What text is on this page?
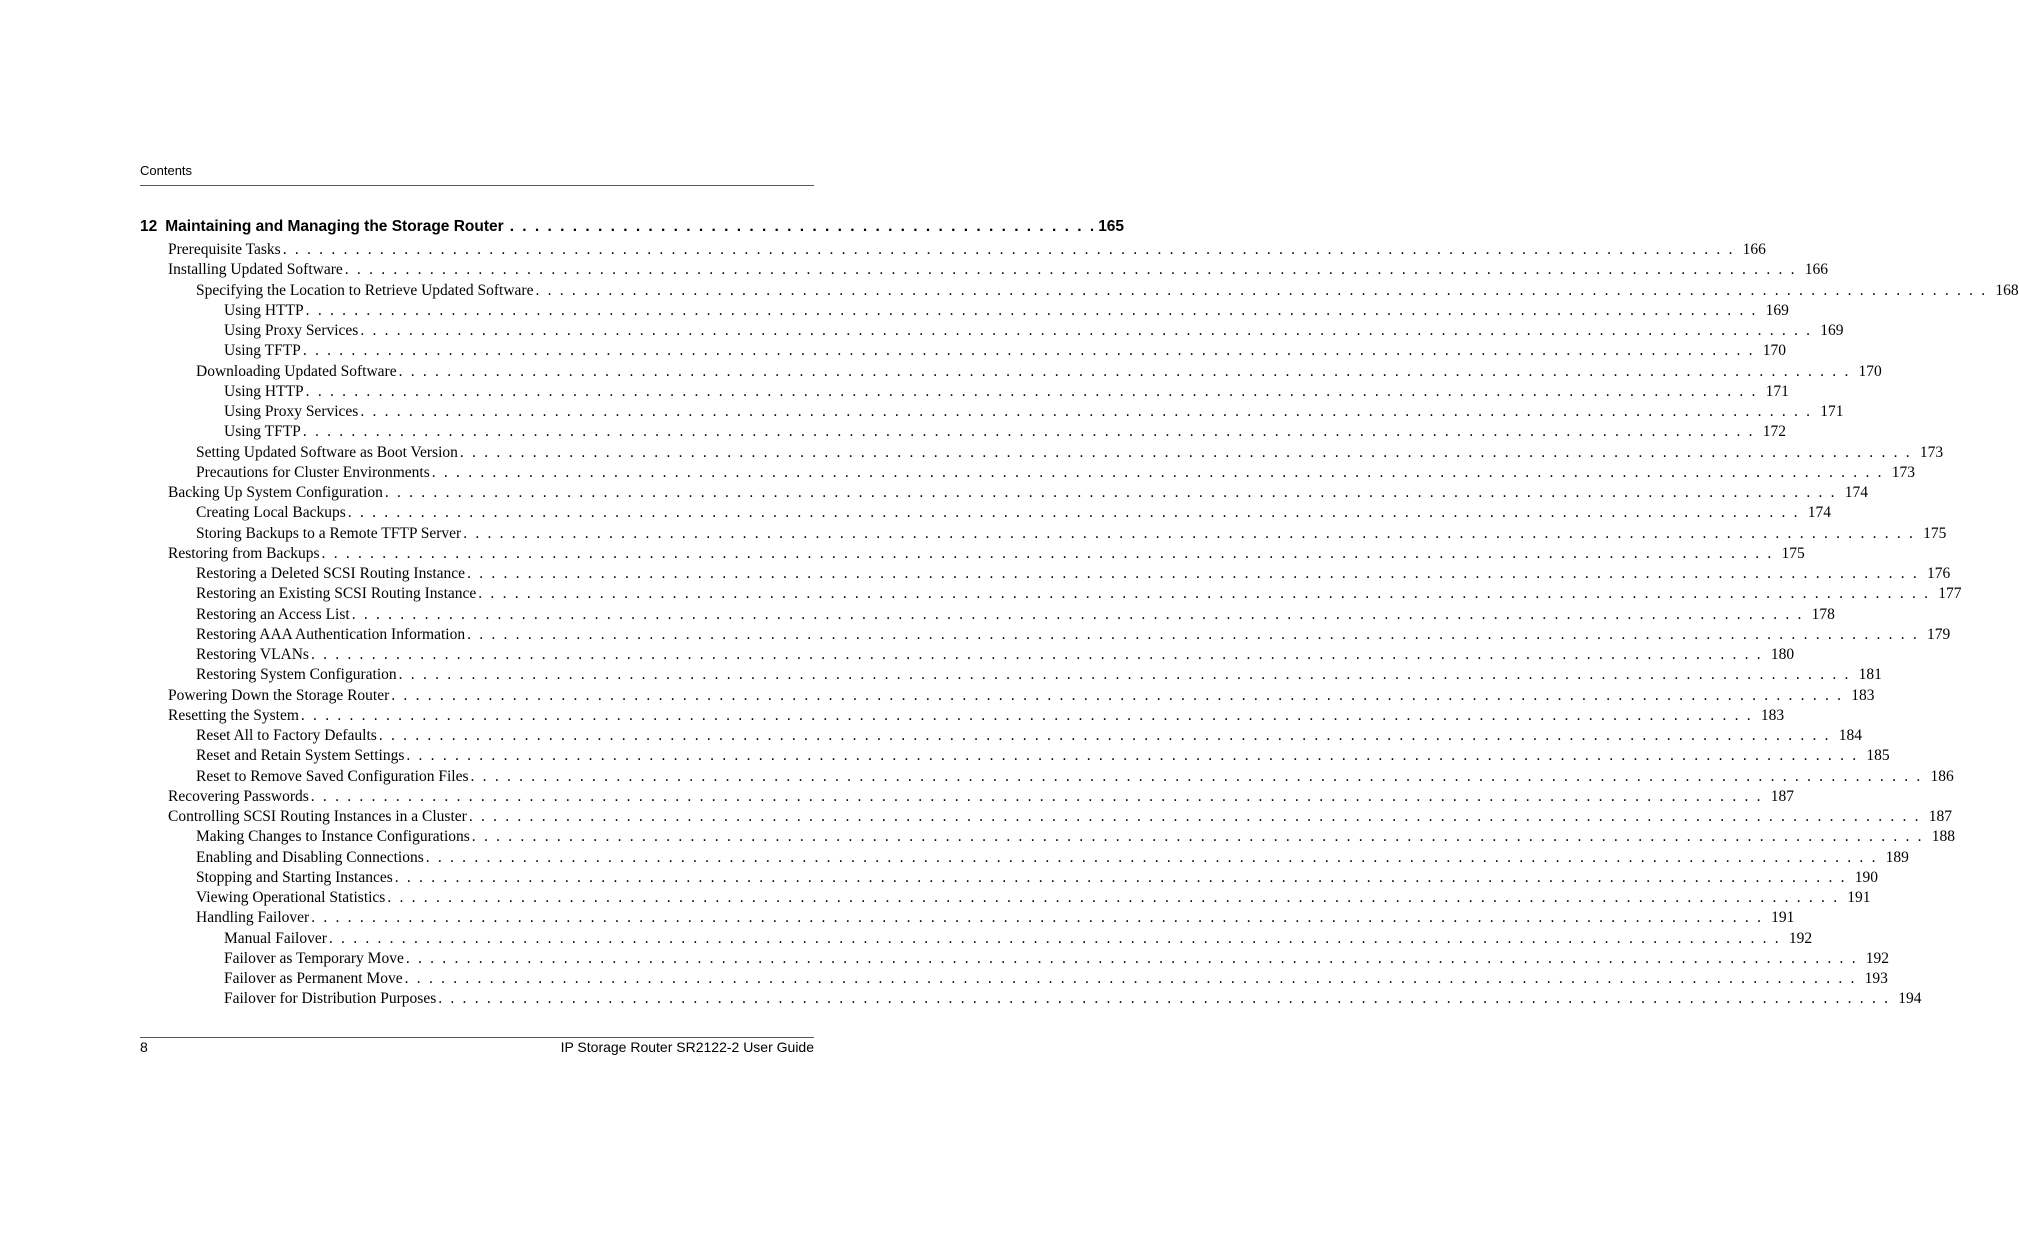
Contents
12 Maintaining and Managing the Storage Router . . . . . . . . . . . . . . . . . . . . . . . . . . . . . . . . . . . . . . . . . . . . . . . 165
Prerequisite Tasks . . . . . . . . . . . . . . . . . . . . . . . . . . . . . . . . . . . . . . . . . . . . . . . . . . . . . . . . . . . . . . . . . . . . . . . . . . . . . . . . . . . . . . . . . . . . . . . . . . . . . . . . . . . . . . . . . . . . . . . . 166
Installing Updated Software . . . . . . . . . . . . . . . . . . . . . . . . . . . . . . . . . . . . . . . . . . . . . . . . . . . . . . . . . . . . . . . . . . . . . . . . . . . . . . . . . . . . . . . . . . . . . . . . . . . . . . . . . . . . . . . . . . . . . . . . 166
Specifying the Location to Retrieve Updated Software . . . . . . . . . . . . . . . . . . . . . . . . . . . . . . . . . . . . . . . . . . . . . . . . . . . . . . . . . . . . . . . . . . . . . . . . . . . . . . . . . . . . . . . . . . . . . . . . . . . . . . . . . . . . . . . . . . . . . . . . 168
Using HTTP . . . . . . . . . . . . . . . . . . . . . . . . . . . . . . . . . . . . . . . . . . . . . . . . . . . . . . . . . . . . . . . . . . . . . . . . . . . . . . . . . . . . . . . . . . . . . . . . . . . . . . . . . . . . . . . . . . . . . . . . 169
Using Proxy Services . . . . . . . . . . . . . . . . . . . . . . . . . . . . . . . . . . . . . . . . . . . . . . . . . . . . . . . . . . . . . . . . . . . . . . . . . . . . . . . . . . . . . . . . . . . . . . . . . . . . . . . . . . . . . . . . . . . . . . . . 169
Using TFTP . . . . . . . . . . . . . . . . . . . . . . . . . . . . . . . . . . . . . . . . . . . . . . . . . . . . . . . . . . . . . . . . . . . . . . . . . . . . . . . . . . . . . . . . . . . . . . . . . . . . . . . . . . . . . . . . . . . . . . . . 170
Downloading Updated Software . . . . . . . . . . . . . . . . . . . . . . . . . . . . . . . . . . . . . . . . . . . . . . . . . . . . . . . . . . . . . . . . . . . . . . . . . . . . . . . . . . . . . . . . . . . . . . . . . . . . . . . . . . . . . . . . . . . . . . . . 170
Using HTTP . . . . . . . . . . . . . . . . . . . . . . . . . . . . . . . . . . . . . . . . . . . . . . . . . . . . . . . . . . . . . . . . . . . . . . . . . . . . . . . . . . . . . . . . . . . . . . . . . . . . . . . . . . . . . . . . . . . . . . . . 171
Using Proxy Services . . . . . . . . . . . . . . . . . . . . . . . . . . . . . . . . . . . . . . . . . . . . . . . . . . . . . . . . . . . . . . . . . . . . . . . . . . . . . . . . . . . . . . . . . . . . . . . . . . . . . . . . . . . . . . . . . . . . . . . . 171
Using TFTP . . . . . . . . . . . . . . . . . . . . . . . . . . . . . . . . . . . . . . . . . . . . . . . . . . . . . . . . . . . . . . . . . . . . . . . . . . . . . . . . . . . . . . . . . . . . . . . . . . . . . . . . . . . . . . . . . . . . . . . . 172
Setting Updated Software as Boot Version . . . . . . . . . . . . . . . . . . . . . . . . . . . . . . . . . . . . . . . . . . . . . . . . . . . . . . . . . . . . . . . . . . . . . . . . . . . . . . . . . . . . . . . . . . . . . . . . . . . . . . . . . . . . . . . . . . . . . . . . 173
Precautions for Cluster Environments . . . . . . . . . . . . . . . . . . . . . . . . . . . . . . . . . . . . . . . . . . . . . . . . . . . . . . . . . . . . . . . . . . . . . . . . . . . . . . . . . . . . . . . . . . . . . . . . . . . . . . . . . . . . . . . . . . . . . . . . 173
Backing Up System Configuration . . . . . . . . . . . . . . . . . . . . . . . . . . . . . . . . . . . . . . . . . . . . . . . . . . . . . . . . . . . . . . . . . . . . . . . . . . . . . . . . . . . . . . . . . . . . . . . . . . . . . . . . . . . . . . . . . . . . . . . . 174
Creating Local Backups . . . . . . . . . . . . . . . . . . . . . . . . . . . . . . . . . . . . . . . . . . . . . . . . . . . . . . . . . . . . . . . . . . . . . . . . . . . . . . . . . . . . . . . . . . . . . . . . . . . . . . . . . . . . . . . . . . . . . . . . 174
Storing Backups to a Remote TFTP Server . . . . . . . . . . . . . . . . . . . . . . . . . . . . . . . . . . . . . . . . . . . . . . . . . . . . . . . . . . . . . . . . . . . . . . . . . . . . . . . . . . . . . . . . . . . . . . . . . . . . . . . . . . . . . . . . . . . . . . . . 175
Restoring from Backups . . . . . . . . . . . . . . . . . . . . . . . . . . . . . . . . . . . . . . . . . . . . . . . . . . . . . . . . . . . . . . . . . . . . . . . . . . . . . . . . . . . . . . . . . . . . . . . . . . . . . . . . . . . . . . . . . . . . . . . . 175
Restoring a Deleted SCSI Routing Instance . . . . . . . . . . . . . . . . . . . . . . . . . . . . . . . . . . . . . . . . . . . . . . . . . . . . . . . . . . . . . . . . . . . . . . . . . . . . . . . . . . . . . . . . . . . . . . . . . . . . . . . . . . . . . . . . . . . . . . . . 176
Restoring an Existing SCSI Routing Instance . . . . . . . . . . . . . . . . . . . . . . . . . . . . . . . . . . . . . . . . . . . . . . . . . . . . . . . . . . . . . . . . . . . . . . . . . . . . . . . . . . . . . . . . . . . . . . . . . . . . . . . . . . . . . . . . . . . . . . . . 177
Restoring an Access List . . . . . . . . . . . . . . . . . . . . . . . . . . . . . . . . . . . . . . . . . . . . . . . . . . . . . . . . . . . . . . . . . . . . . . . . . . . . . . . . . . . . . . . . . . . . . . . . . . . . . . . . . . . . . . . . . . . . . . . . 178
Restoring AAA Authentication Information . . . . . . . . . . . . . . . . . . . . . . . . . . . . . . . . . . . . . . . . . . . . . . . . . . . . . . . . . . . . . . . . . . . . . . . . . . . . . . . . . . . . . . . . . . . . . . . . . . . . . . . . . . . . . . . . . . . . . . . . 179
Restoring VLANs . . . . . . . . . . . . . . . . . . . . . . . . . . . . . . . . . . . . . . . . . . . . . . . . . . . . . . . . . . . . . . . . . . . . . . . . . . . . . . . . . . . . . . . . . . . . . . . . . . . . . . . . . . . . . . . . . . . . . . . . 180
Restoring System Configuration . . . . . . . . . . . . . . . . . . . . . . . . . . . . . . . . . . . . . . . . . . . . . . . . . . . . . . . . . . . . . . . . . . . . . . . . . . . . . . . . . . . . . . . . . . . . . . . . . . . . . . . . . . . . . . . . . . . . . . . . 181
Powering Down the Storage Router . . . . . . . . . . . . . . . . . . . . . . . . . . . . . . . . . . . . . . . . . . . . . . . . . . . . . . . . . . . . . . . . . . . . . . . . . . . . . . . . . . . . . . . . . . . . . . . . . . . . . . . . . . . . . . . . . . . . . . . . 183
Resetting the System . . . . . . . . . . . . . . . . . . . . . . . . . . . . . . . . . . . . . . . . . . . . . . . . . . . . . . . . . . . . . . . . . . . . . . . . . . . . . . . . . . . . . . . . . . . . . . . . . . . . . . . . . . . . . . . . . . . . . . . . 183
Reset All to Factory Defaults . . . . . . . . . . . . . . . . . . . . . . . . . . . . . . . . . . . . . . . . . . . . . . . . . . . . . . . . . . . . . . . . . . . . . . . . . . . . . . . . . . . . . . . . . . . . . . . . . . . . . . . . . . . . . . . . . . . . . . . . 184
Reset and Retain System Settings . . . . . . . . . . . . . . . . . . . . . . . . . . . . . . . . . . . . . . . . . . . . . . . . . . . . . . . . . . . . . . . . . . . . . . . . . . . . . . . . . . . . . . . . . . . . . . . . . . . . . . . . . . . . . . . . . . . . . . . . 185
Reset to Remove Saved Configuration Files . . . . . . . . . . . . . . . . . . . . . . . . . . . . . . . . . . . . . . . . . . . . . . . . . . . . . . . . . . . . . . . . . . . . . . . . . . . . . . . . . . . . . . . . . . . . . . . . . . . . . . . . . . . . . . . . . . . . . . . . 186
Recovering Passwords . . . . . . . . . . . . . . . . . . . . . . . . . . . . . . . . . . . . . . . . . . . . . . . . . . . . . . . . . . . . . . . . . . . . . . . . . . . . . . . . . . . . . . . . . . . . . . . . . . . . . . . . . . . . . . . . . . . . . . . . 187
Controlling SCSI Routing Instances in a Cluster . . . . . . . . . . . . . . . . . . . . . . . . . . . . . . . . . . . . . . . . . . . . . . . . . . . . . . . . . . . . . . . . . . . . . . . . . . . . . . . . . . . . . . . . . . . . . . . . . . . . . . . . . . . . . . . . . . . . . . . . 187
Making Changes to Instance Configurations . . . . . . . . . . . . . . . . . . . . . . . . . . . . . . . . . . . . . . . . . . . . . . . . . . . . . . . . . . . . . . . . . . . . . . . . . . . . . . . . . . . . . . . . . . . . . . . . . . . . . . . . . . . . . . . . . . . . . . . . 188
Enabling and Disabling Connections . . . . . . . . . . . . . . . . . . . . . . . . . . . . . . . . . . . . . . . . . . . . . . . . . . . . . . . . . . . . . . . . . . . . . . . . . . . . . . . . . . . . . . . . . . . . . . . . . . . . . . . . . . . . . . . . . . . . . . . . 189
Stopping and Starting Instances . . . . . . . . . . . . . . . . . . . . . . . . . . . . . . . . . . . . . . . . . . . . . . . . . . . . . . . . . . . . . . . . . . . . . . . . . . . . . . . . . . . . . . . . . . . . . . . . . . . . . . . . . . . . . . . . . . . . . . . . 190
Viewing Operational Statistics . . . . . . . . . . . . . . . . . . . . . . . . . . . . . . . . . . . . . . . . . . . . . . . . . . . . . . . . . . . . . . . . . . . . . . . . . . . . . . . . . . . . . . . . . . . . . . . . . . . . . . . . . . . . . . . . . . . . . . . . 191
Handling Failover . . . . . . . . . . . . . . . . . . . . . . . . . . . . . . . . . . . . . . . . . . . . . . . . . . . . . . . . . . . . . . . . . . . . . . . . . . . . . . . . . . . . . . . . . . . . . . . . . . . . . . . . . . . . . . . . . . . . . . . . 191
Manual Failover . . . . . . . . . . . . . . . . . . . . . . . . . . . . . . . . . . . . . . . . . . . . . . . . . . . . . . . . . . . . . . . . . . . . . . . . . . . . . . . . . . . . . . . . . . . . . . . . . . . . . . . . . . . . . . . . . . . . . . . . 192
Failover as Temporary Move . . . . . . . . . . . . . . . . . . . . . . . . . . . . . . . . . . . . . . . . . . . . . . . . . . . . . . . . . . . . . . . . . . . . . . . . . . . . . . . . . . . . . . . . . . . . . . . . . . . . . . . . . . . . . . . . . . . . . . . . 192
Failover as Permanent Move . . . . . . . . . . . . . . . . . . . . . . . . . . . . . . . . . . . . . . . . . . . . . . . . . . . . . . . . . . . . . . . . . . . . . . . . . . . . . . . . . . . . . . . . . . . . . . . . . . . . . . . . . . . . . . . . . . . . . . . . 193
Failover for Distribution Purposes . . . . . . . . . . . . . . . . . . . . . . . . . . . . . . . . . . . . . . . . . . . . . . . . . . . . . . . . . . . . . . . . . . . . . . . . . . . . . . . . . . . . . . . . . . . . . . . . . . . . . . . . . . . . . . . . . . . . . . . . 194
8	IP Storage Router SR2122-2 User Guide
